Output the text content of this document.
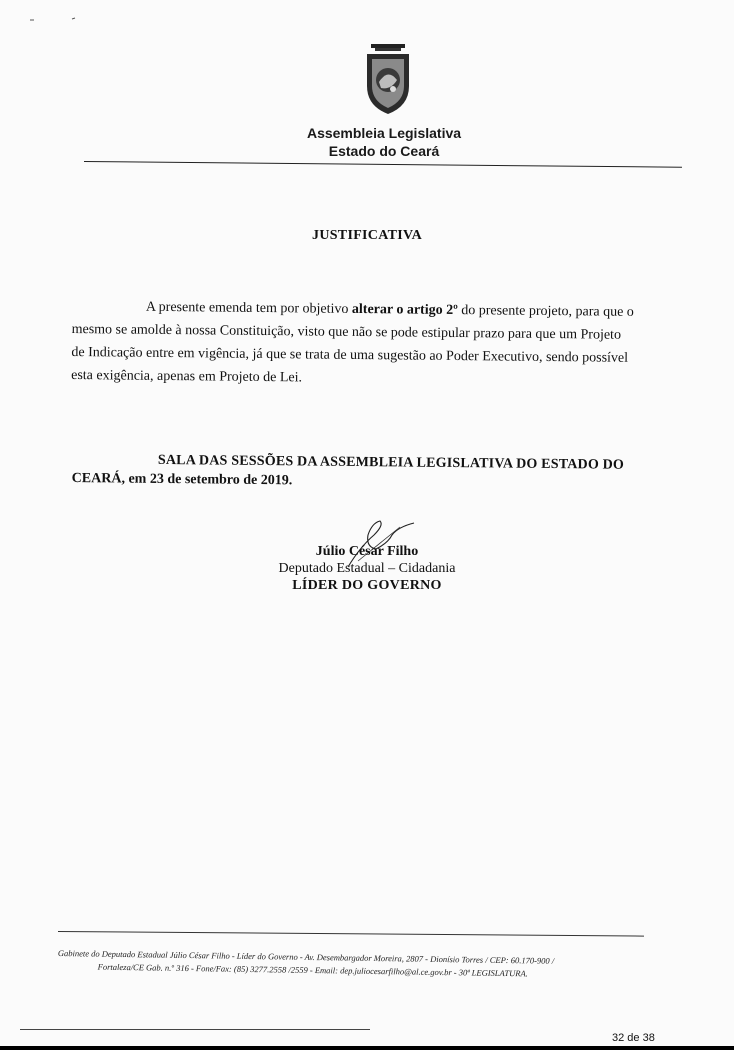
Assembleia Legislativa
Estado do Ceará
JUSTIFICATIVA
A presente emenda tem por objetivo alterar o artigo 2º do presente projeto, para que o
mesmo se amolde à nossa Constituição, visto que não se pode estipular prazo para que um Projeto
de Indicação entre em vigência, já que se trata de uma sugestão ao Poder Executivo, sendo possível
esta exigência, apenas em Projeto de Lei.
SALA DAS SESSÕES DA ASSEMBLEIA LEGISLATIVA DO ESTADO DO
CEARÁ, em 23 de setembro de 2019.
Júlio César Filho
Deputado Estadual – Cidadania
LÍDER DO GOVERNO
Gabinete do Deputado Estadual Júlio César Filho - Líder do Governo - Av. Desembargador Moreira, 2807 - Dionísio Torres / CEP: 60.170-900 /
Fortaleza/CE Gab. n.º 316 - Fone/Fax: (85) 3277.2558 /2559 - Email: dep.juliocesarfilho@al.ce.gov.br - 30ª LEGISLATURA.
32 de 38
